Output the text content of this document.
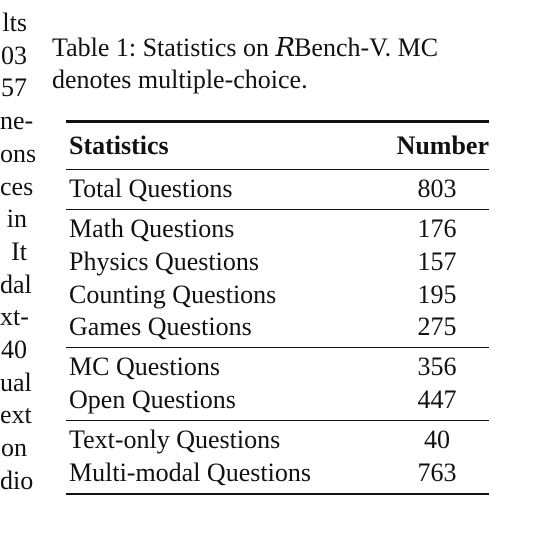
lts
03
57
ne-
ons
ces
in
It
dal
xt-
40
ual
ext
on
dio
Table 1: Statistics on RBench-V. MC
denotes multiple-choice.
Statistics	Number
Total Questions	803
Math Questions	176
Physics Questions	157
Counting Questions	195
Games Questions	275
MC Questions	356
Open Questions	447
Text-only Questions	40
Multi-modal Questions	763
